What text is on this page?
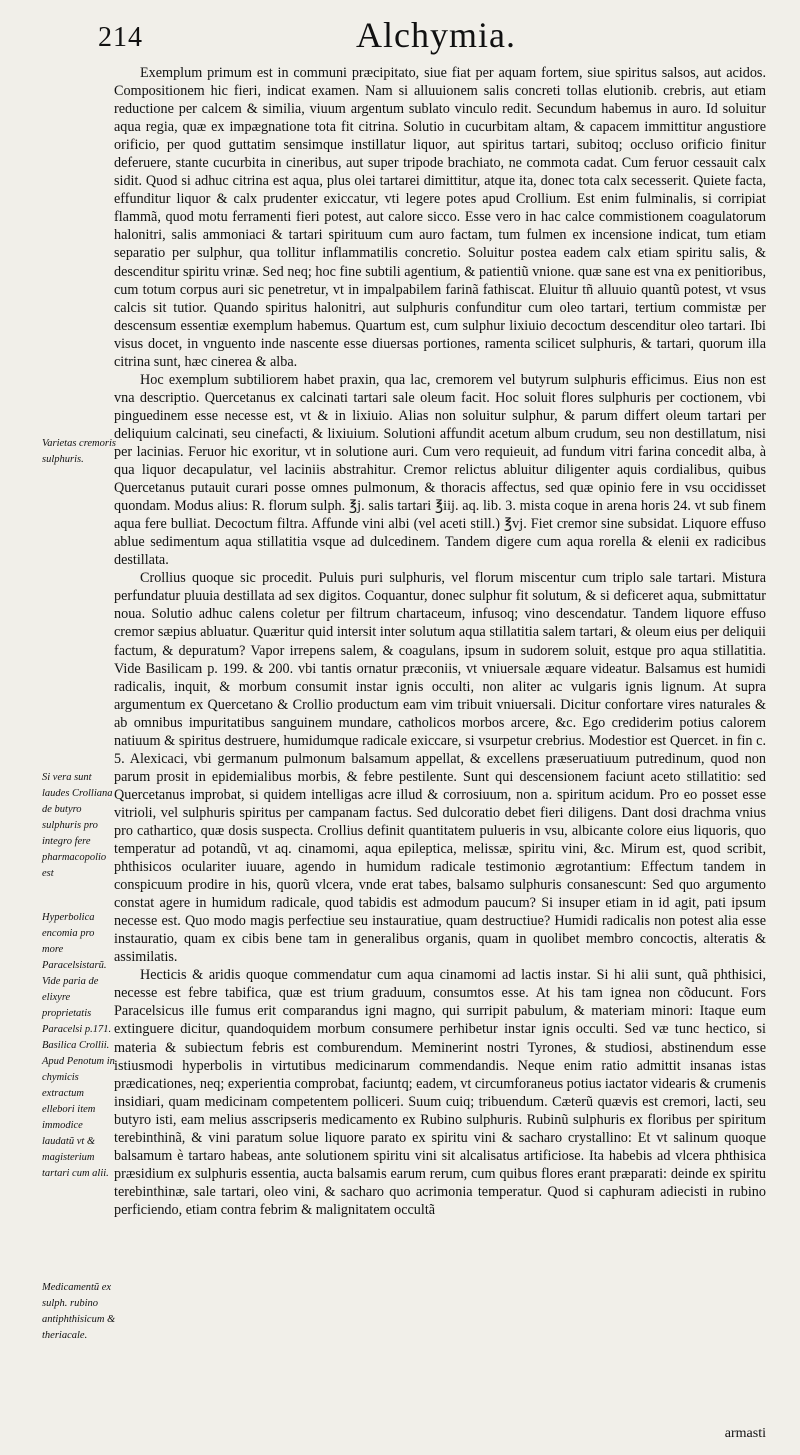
214	Alchymia.
Varietas cremoris sulphuris.
Si vera sunt laudes Crolliana de butyro sulphuris pro integro fere pharmacopolio est
Hyperbolica encomia pro more Paracelsistarũ. Vide paria de elixyre proprietatis Paracelsi p.171. Basilica Crollii. Apud Penotum in chymicis extractum ellebori item immodice laudatũ vt & magisterium tartari cum alii.
Medicamentũ ex sulph. rubino antiphthisicum & theriacale.

Exemplum primum est in communi præcipitato, siue fiat per aquam fortem, siue spiritus salsos, aut acidos. Compositionem hic fieri, indicat examen. Nam si alluuionem salis concreti tollas elutionib. crebris, aut etiam reductione per calcem & similia, viuum argentum sublato vinculo redit. Secundum habemus in auro. Id soluitur aqua regia, quæ ex impægnatione tota fit citrina. Solutio in cucurbitam altam, & capacem immittitur angustiore orificio, per quod guttatim sensimque instillatur liquor, aut spiritus tartari, subitoq; occluso orificio finitur deferuere, stante cucurbita in cineribus, aut super tripode brachiato, ne commota cadat. Cum feruor cessauit calx sidit. Quod si adhuc citrina est aqua, plus olei tartarei dimittitur, atque ita, donec tota calx secesserit. Quiete facta, effunditur liquor & calx prudenter exiccatur, vti legere potes apud Crollium. Est enim fulminalis, si corripiat flammã, quod motu ferramenti fieri potest, aut calore sicco. Esse vero in hac calce commistionem coagulatorum halonitri, salis ammoniaci & tartari spirituum cum auro factam, tum fulmen ex incensione indicat, tum etiam separatio per sulphur, qua tollitur inflammatilis concretio. Soluitur postea eadem calx etiam spiritu salis, & descenditur spiritu vrinæ. Sed neq; hoc fine subtili agentium, & patientiũ vnione. quæ sane est vna ex penitioribus, cum totum corpus auri sic penetretur, vt in impalpabilem farinã fathiscat. Eluitur tñ alluuio quantũ potest, vt vsus calcis sit tutior. Quando spiritus halonitri, aut sulphuris confunditur cum oleo tartari, tertium commistæ per descensum essentiæ exemplum habemus. Quartum est, cum sulphur lixiuio decoctum descenditur oleo tartari. Ibi visus docet, in vnguento inde nascente esse diuersas portiones, ramenta scilicet sulphuris, & tartari, quorum illa citrina sunt, hæc cinerea & alba.

Hoc exemplum subtiliorem habet praxin, qua lac, cremorem vel butyrum sulphuris efficimus. Eius non est vna descriptio. Quercetanus ex calcinati tartari sale oleum facit. Hoc soluit flores sulphuris per coctionem, vbi pinguedinem esse necesse est, vt & in lixiuio. Alias non soluitur sulphur, & parum differt oleum tartari per deliquium calcinati, seu cinefacti, & lixiuium. Solutioni affundit acetum album crudum, seu non destillatum, nisi per lacinias. Feruor hic exoritur, vt in solutione auri. Cum vero requieuit, ad fundum vitri farina concedit alba, à qua liquor decapulatur, vel laciniis abstrahitur. Cremor relictus abluitur diligenter aquis cordialibus, quibus Quercetanus putauit curari posse omnes pulmonum, & thoracis affectus, sed quæ opinio fere in vsu occidisset quondam. Modus alius: R. florum sulph. ℥j. salis tartari ℥iij. aq. lib. 3. mista coque in arena horis 24. vt sub finem aqua fere bulliat. Decoctum filtra. Affunde vini albi (vel aceti still.) ℥vj. Fiet cremor sine subsidat. Liquore effuso ablue sedimentum aqua stillatitia vsque ad dulcedinem. Tandem digere cum aqua rorella & elenii ex radicibus destillata.

Crollius quoque sic procedit. Puluis puri sulphuris, vel florum miscentur cum triplo sale tartari. Mistura perfundatur pluuia destillata ad sex digitos. Coquantur, donec sulphur fit solutum, & si deficeret aqua, submittatur noua. Solutio adhuc calens coletur per filtrum chartaceum, infusoq; vino descendatur. Tandem liquore effuso cremor sæpius abluatur. Quæritur quid intersit inter solutum aqua stillatitia salem tartari, & oleum eius per deliquii factum, & depuratum? Vapor irrepens salem, & coagulans, ipsum in sudorem soluit, estque pro aqua stillatitia. Vide Basilicam p. 199. & 200. vbi tantis ornatur præconiis, vt vniuersale æquare videatur. Balsamus est humidi radicalis, inquit, & morbum consumit instar ignis occulti, non aliter ac vulgaris ignis lignum. At supra argumentum ex Quercetano & Crollio productum eam vim tribuit vniuersali. Dicitur confortare vires naturales & ab omnibus impuritatibus sanguinem mundare, catholicos morbos arcere, &c. Ego crediderim potius calorem natiuum & spiritus destruere, humidumque radicale exiccare, si vsurpetur crebrius. Modestior est Quercet. in fin c. 5. Alexicaci, vbi germanum pulmonum balsamum appellat, & excellens præseruatiuum putredinum, quod non parum prosit in epidemialibus morbis, & febre pestilente. Sunt qui descensionem faciunt aceto stillatitio: sed Quercetanus improbat, si quidem intelligas acre illud & corrosiuum, non a. spiritum acidum. Pro eo posset esse vitrioli, vel sulphuris spiritus per campanam factus. Sed dulcoratio debet fieri diligens. Dant dosi drachma vnius pro cathartico, quæ dosis suspecta. Crollius definit quantitatem pulueris in vsu, albicante colore eius liquoris, quo temperatur ad potandũ, vt aq. cinamomi, aqua epileptica, melissæ, spiritu vini, &c. Mirum est, quod scribit, phthisicos oculariter iuuare, agendo in humidum radicale testimonio ægrotantium: Effectum tandem in conspicuum prodire in his, quorũ vlcera, vnde erat tabes, balsamo sulphuris consanescunt: Sed quo argumento constat agere in humidum radicale, quod tabidis est admodum paucum? Si insuper etiam in id agit, pati ipsum necesse est. Quo modo magis perfectiue seu instauratiue, quam destructiue? Humidi radicalis non potest alia esse instauratio, quam ex cibis bene tam in generalibus organis, quam in quolibet membro concoctis, alteratis & assimilatis.

Hecticis & aridis quoque commendatur cum aqua cinamomi ad lactis instar. Si hi alii sunt, quã phthisici, necesse est febre tabifica, quæ est trium graduum, consumtos esse. At his tam ignea non cõducunt. Fors Paracelsicus ille fumus erit comparandus igni magno, qui surripit pabulum, & materiam minori: Itaque eum extinguere dicitur, quandoquidem morbum consumere perhibetur instar ignis occulti. Sed væ tunc hectico, si materia & subiectum febris est comburendum. Meminerint nostri Tyrones, & studiosi, abstinendum esse istiusmodi hyperbolis in virtutibus medicinarum commendandis. Neque enim ratio admittit insanas istas prædicationes, neq; experientia comprobat, faciuntq; eadem, vt circumforaneus potius iactator videaris & crumenis insidiari, quam medicinam competentem polliceri. Suum cuiq; tribuendum. Cæterũ quævis est cremori, lacti, seu butyro isti, eam melius asscripseris medicamento ex Rubino sulphuris. Rubinũ sulphuris ex floribus per spiritum terebinthinã, & vini paratum solue liquore parato ex spiritu vini & sacharo crystallino: Et vt salinum quoque balsamum è tartaro habeas, ante solutionem spiritu vini sit alcalisatus artificiose. Ita habebis ad vlcera phthisica præsidium ex sulphuris essentia, aucta balsamis earum rerum, cum quibus flores erant præparati: deinde ex spiritu terebinthinæ, sale tartari, oleo vini, & sacharo quo acrimonia temperatur. Quod si caphuram adiecisti in rubino perficiendo, etiam contra febrim & malignitatem occultã

armasti
